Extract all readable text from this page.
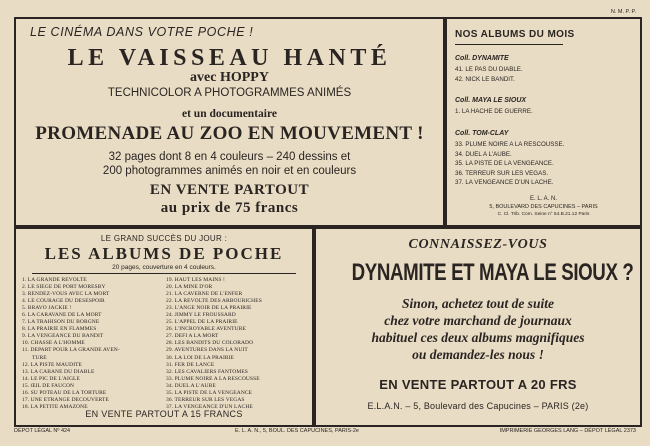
N. M. P. P.
LE CINÉMA DANS VOTRE POCHE !
LE VAISSEAU HANTÉ
avec HOPPY
TECHNICOLOR A PHOTOGRAMMES ANIMÉS
et un documentaire
PROMENADE AU ZOO EN MOUVEMENT !
32 pages dont 8 en 4 couleurs – 240 dessins et
200 photogrammes animés en noir et en couleurs
EN VENTE PARTOUT
au prix de 75 francs
NOS ALBUMS DU MOIS
Coll. DYNAMITE
41. LE PAS DU DIABLE.
42. NICK LE BANDIT.
Coll. MAYA LE SIOUX
1. LA HACHE DE GUERRE.
Coll. TOM-CLAY
33. PLUME NOIRE A LA RESCOUSSE.
34. DUEL A L'AUBE.
35. LA PISTE DE LA VENGEANCE.
36. TERREUR SUR LES VEGAS.
37. LA VENGEANCE D'UN LACHE.
E. L. A. N.
5, BOULEVARD DES CAPUCINES – PARIS
C. Cl. Trib. Com. Seine n° 54.B.21.12 Paris
LE GRAND SUCCÈS DU JOUR :
LES ALBUMS DE POCHE
20 pages, couverture en 4 couleurs.
1. LA GRANDE REVOLTE
2. LE SIEGE DE PORT MORESBY
3. RENDEZ-VOUS AVEC LA MORT
4. LE COURAGE DU DESESPOIR
5. BRAVO JACKIE !
6. LA CARAVANE DE LA MORT
7. LA TRAHISON DU BORGNE
8. LA PRAIRIE EN FLAMMES
9. LA VENGEANCE DU BANDIT
10. CHASSE A L'HOMME
11. DEPART POUR LA GRANDE AVEN-
TURE
12. LA PISTE MAUDITE
13. LA CABANE DU DIABLE
14. LE PIC DE L'AIGLE
15. ŒIL DE FAUCON
16. SU POTEAU DE LA TORTURE
17. UNE ETRANGE DECOUVERTE
18. LA PETITE AMAZONE
19. HAUT LES MAINS !
20. LA MINE D'OR
21. LA CAVERNE DE L'ENFER
22. LA REVOLTE DES ARBOURICHES
23. L'ANGE NOIR DE LA PRAIRIE
24. JIMMY LE FROUSSARD
25. L'APPEL DE LA PRAIRIE
26. L'INCROYABLE AVENTURE
27. DEFI A LA MORT
28. LES BANDITS DU COLORADO
29. AVENTURES DANS LA NUIT
30. LA LOI DE LA PRAIRIE
31. FER DE LANCE
32. LES CAVALIERS FANTOMES
33. PLUME NOIRE A LA RESCOUSSE
34. DUEL A L'AUBE
35. LA PISTE DE LA VENGEANCE
36. TERREUR SUR LES VEGAS
37. LA VENGEANCE D'UN LACHE
EN VENTE PARTOUT A 15 FRANCS
CONNAISSEZ-VOUS
DYNAMITE ET MAYA LE SIOUX ?
Sinon, achetez tout de suite
chez votre marchand de journaux
habituel ces deux albums magnifiques
ou demandez-les nous !
EN VENTE PARTOUT A 20 FRS
E.L.A.N. – 5, Boulevard des Capucines – PARIS (2e)
DÉPOT LÉGAL Nº 424	E. L. A. N., 5, BOUL. DES CAPUCINES, PARIS-2e	IMPRIMERIE GEORGES LANG – DÉPOT LÉGAL 2373
